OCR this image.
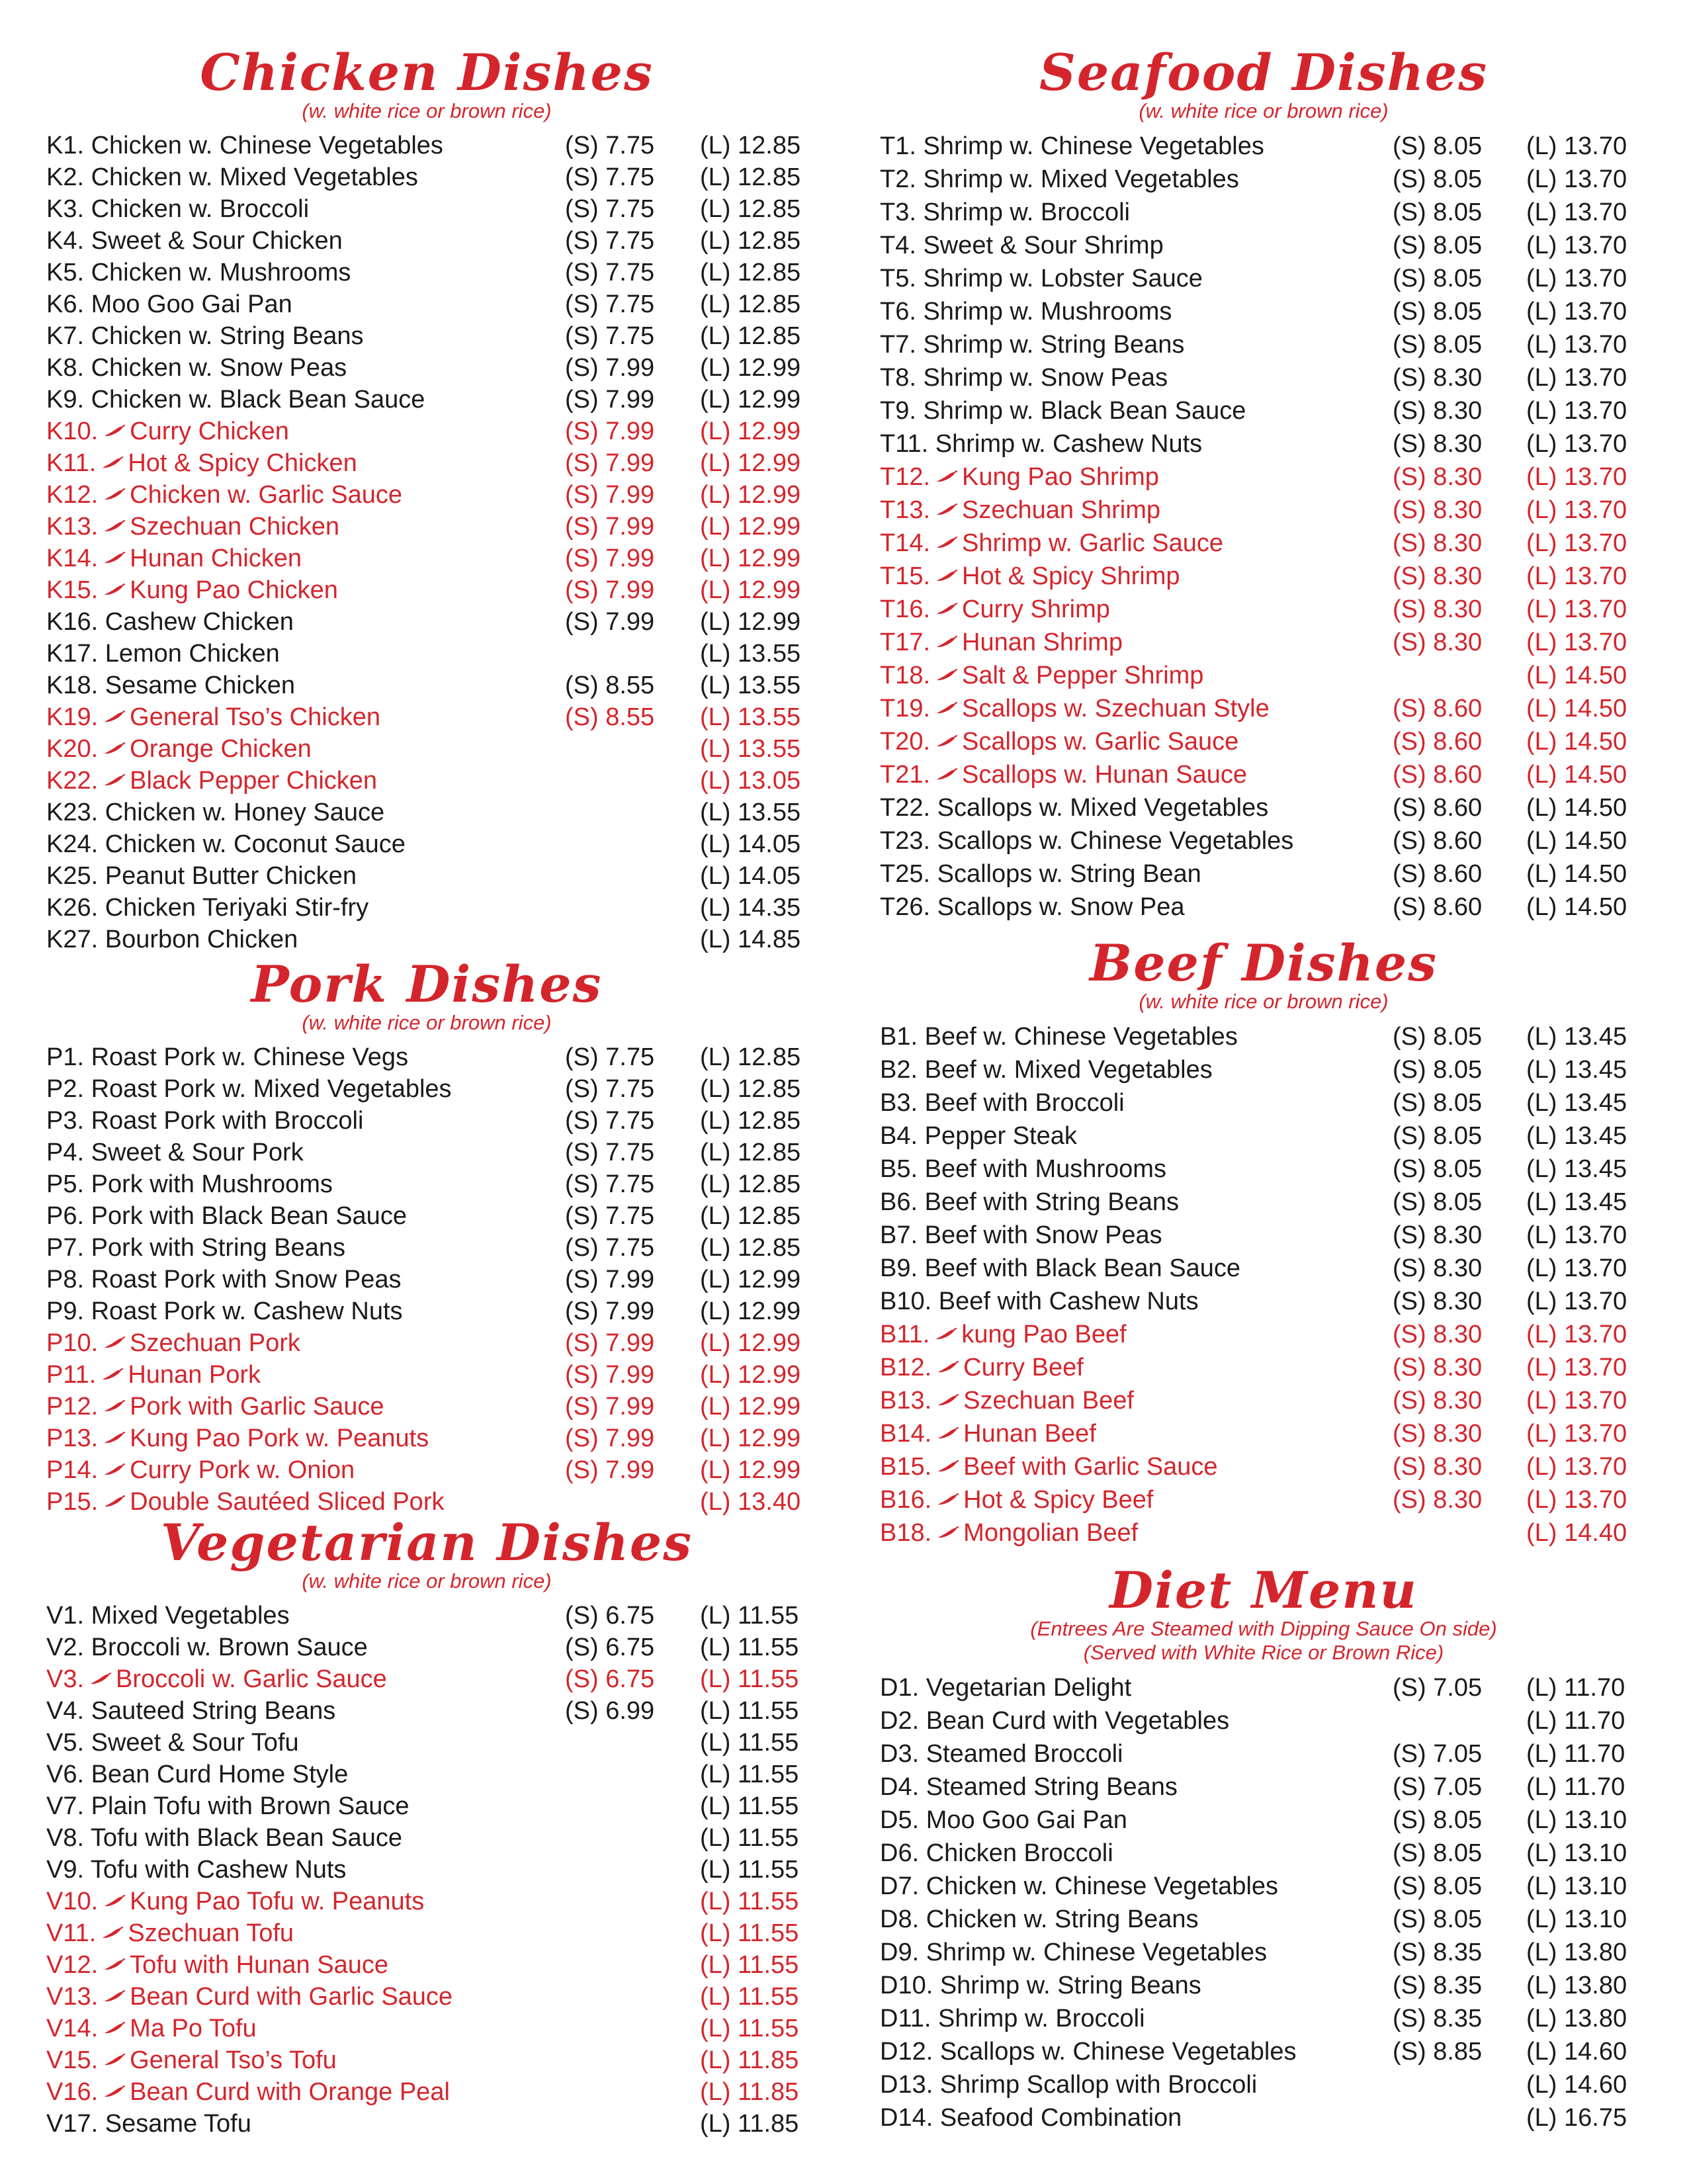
Chicken Dishes
(w. white rice or brown rice)
K1. Chicken w. Chinese Vegetables	(S) 7.75 (L) 12.85
K2. Chicken w. Mixed Vegetables	(S) 7.75 (L) 12.85
K3. Chicken w. Broccoli	(S) 7.75 (L) 12.85
K4. Sweet & Sour Chicken	(S) 7.75 (L) 12.85
K5. Chicken w. Mushrooms	(S) 7.75 (L) 12.85
K6. Moo Goo Gai Pan	(S) 7.75 (L) 12.85
K7. Chicken w. String Beans	(S) 7.75 (L) 12.85
K8. Chicken w. Snow Peas	(S) 7.99 (L) 12.99
K9. Chicken w. Black Bean Sauce	(S) 7.99 (L) 12.99
K10. Curry Chicken	(S) 7.99 (L) 12.99
K11. Hot & Spicy Chicken	(S) 7.99 (L) 12.99
K12. Chicken w. Garlic Sauce	(S) 7.99 (L) 12.99
K13. Szechuan Chicken	(S) 7.99 (L) 12.99
K14. Hunan Chicken	(S) 7.99 (L) 12.99
K15. Kung Pao Chicken	(S) 7.99 (L) 12.99
K16. Cashew Chicken	(S) 7.99 (L) 12.99
K17. Lemon Chicken	(L) 13.55
K18. Sesame Chicken	(S) 8.55 (L) 13.55
K19. General Tso’s Chicken	(S) 8.55 (L) 13.55
K20. Orange Chicken	(L) 13.55
K22. Black Pepper Chicken	(L) 13.05
K23. Chicken w. Honey Sauce	(L) 13.55
K24. Chicken w. Coconut Sauce	(L) 14.05
K25. Peanut Butter Chicken	(L) 14.05
K26. Chicken Teriyaki Stir-fry	(L) 14.35
K27. Bourbon Chicken	(L) 14.85
Pork Dishes
(w. white rice or brown rice)
P1. Roast Pork w. Chinese Vegs	(S) 7.75 (L) 12.85
P2. Roast Pork w. Mixed Vegetables	(S) 7.75 (L) 12.85
P3. Roast Pork with Broccoli	(S) 7.75 (L) 12.85
P4. Sweet & Sour Pork	(S) 7.75 (L) 12.85
P5. Pork with Mushrooms	(S) 7.75 (L) 12.85
P6. Pork with Black Bean Sauce	(S) 7.75 (L) 12.85
P7. Pork with String Beans	(S) 7.75 (L) 12.85
P8. Roast Pork with Snow Peas	(S) 7.99 (L) 12.99
P9. Roast Pork w. Cashew Nuts	(S) 7.99 (L) 12.99
P10. Szechuan Pork	(S) 7.99 (L) 12.99
P11. Hunan Pork	(S) 7.99 (L) 12.99
P12. Pork with Garlic Sauce	(S) 7.99 (L) 12.99
P13. Kung Pao Pork w. Peanuts	(S) 7.99 (L) 12.99
P14. Curry Pork w. Onion	(S) 7.99 (L) 12.99
P15. Double Sautéed Sliced Pork	(L) 13.40
Vegetarian Dishes
(w. white rice or brown rice)
V1. Mixed Vegetables	(S) 6.75 (L) 11.55
V2. Broccoli w. Brown Sauce	(S) 6.75 (L) 11.55
V3. Broccoli w. Garlic Sauce	(S) 6.75 (L) 11.55
V4. Sauteed String Beans	(S) 6.99 (L) 11.55
V5. Sweet & Sour Tofu	(L) 11.55
V6. Bean Curd Home Style	(L) 11.55
V7. Plain Tofu with Brown Sauce	(L) 11.55
V8. Tofu with Black Bean Sauce	(L) 11.55
V9. Tofu with Cashew Nuts	(L) 11.55
V10. Kung Pao Tofu w. Peanuts	(L) 11.55
V11. Szechuan Tofu	(L) 11.55
V12. Tofu with Hunan Sauce	(L) 11.55
V13. Bean Curd with Garlic Sauce	(L) 11.55
V14. Ma Po Tofu	(L) 11.55
V15. General Tso’s Tofu	(L) 11.85
V16. Bean Curd with Orange Peal	(L) 11.85
V17. Sesame Tofu	(L) 11.85
Seafood Dishes
(w. white rice or brown rice)
T1. Shrimp w. Chinese Vegetables	(S) 8.05 (L) 13.70
T2. Shrimp w. Mixed Vegetables	(S) 8.05 (L) 13.70
T3. Shrimp w. Broccoli	(S) 8.05 (L) 13.70
T4. Sweet & Sour Shrimp	(S) 8.05 (L) 13.70
T5. Shrimp w. Lobster Sauce	(S) 8.05 (L) 13.70
T6. Shrimp w. Mushrooms	(S) 8.05 (L) 13.70
T7. Shrimp w. String Beans	(S) 8.05 (L) 13.70
T8. Shrimp w. Snow Peas	(S) 8.30 (L) 13.70
T9. Shrimp w. Black Bean Sauce	(S) 8.30 (L) 13.70
T11. Shrimp w. Cashew Nuts	(S) 8.30 (L) 13.70
T12. Kung Pao Shrimp	(S) 8.30 (L) 13.70
T13. Szechuan Shrimp	(S) 8.30 (L) 13.70
T14. Shrimp w. Garlic Sauce	(S) 8.30 (L) 13.70
T15. Hot & Spicy Shrimp	(S) 8.30 (L) 13.70
T16. Curry Shrimp	(S) 8.30 (L) 13.70
T17. Hunan Shrimp	(S) 8.30 (L) 13.70
T18. Salt & Pepper Shrimp	(L) 14.50
T19. Scallops w. Szechuan Style	(S) 8.60 (L) 14.50
T20. Scallops w. Garlic Sauce	(S) 8.60 (L) 14.50
T21. Scallops w. Hunan Sauce	(S) 8.60 (L) 14.50
T22. Scallops w. Mixed Vegetables	(S) 8.60 (L) 14.50
T23. Scallops w. Chinese Vegetables	(S) 8.60 (L) 14.50
T25. Scallops w. String Bean	(S) 8.60 (L) 14.50
T26. Scallops w. Snow Pea	(S) 8.60 (L) 14.50
Beef Dishes
(w. white rice or brown rice)
B1. Beef w. Chinese Vegetables	(S) 8.05 (L) 13.45
B2. Beef w. Mixed Vegetables	(S) 8.05 (L) 13.45
B3. Beef with Broccoli	(S) 8.05 (L) 13.45
B4. Pepper Steak	(S) 8.05 (L) 13.45
B5. Beef with Mushrooms	(S) 8.05 (L) 13.45
B6. Beef with String Beans	(S) 8.05 (L) 13.45
B7. Beef with Snow Peas	(S) 8.30 (L) 13.70
B9. Beef with Black Bean Sauce	(S) 8.30 (L) 13.70
B10. Beef with Cashew Nuts	(S) 8.30 (L) 13.70
B11. kung Pao Beef	(S) 8.30 (L) 13.70
B12. Curry Beef	(S) 8.30 (L) 13.70
B13. Szechuan Beef	(S) 8.30 (L) 13.70
B14. Hunan Beef	(S) 8.30 (L) 13.70
B15. Beef with Garlic Sauce	(S) 8.30 (L) 13.70
B16. Hot & Spicy Beef	(S) 8.30 (L) 13.70
B18. Mongolian Beef	(L) 14.40
Diet Menu
(Entrees Are Steamed with Dipping Sauce On side)
(Served with White Rice or Brown Rice)
D1. Vegetarian Delight	(S) 7.05 (L) 11.70
D2. Bean Curd with Vegetables	(L) 11.70
D3. Steamed Broccoli	(S) 7.05 (L) 11.70
D4. Steamed String Beans	(S) 7.05 (L) 11.70
D5. Moo Goo Gai Pan	(S) 8.05 (L) 13.10
D6. Chicken Broccoli	(S) 8.05 (L) 13.10
D7. Chicken w. Chinese Vegetables	(S) 8.05 (L) 13.10
D8. Chicken w. String Beans	(S) 8.05 (L) 13.10
D9. Shrimp w. Chinese Vegetables	(S) 8.35 (L) 13.80
D10. Shrimp w. String Beans	(S) 8.35 (L) 13.80
D11. Shrimp w. Broccoli	(S) 8.35 (L) 13.80
D12. Scallops w. Chinese Vegetables	(S) 8.85 (L) 14.60
D13. Shrimp Scallop with Broccoli	(L) 14.60
D14. Seafood Combination	(L) 16.75
